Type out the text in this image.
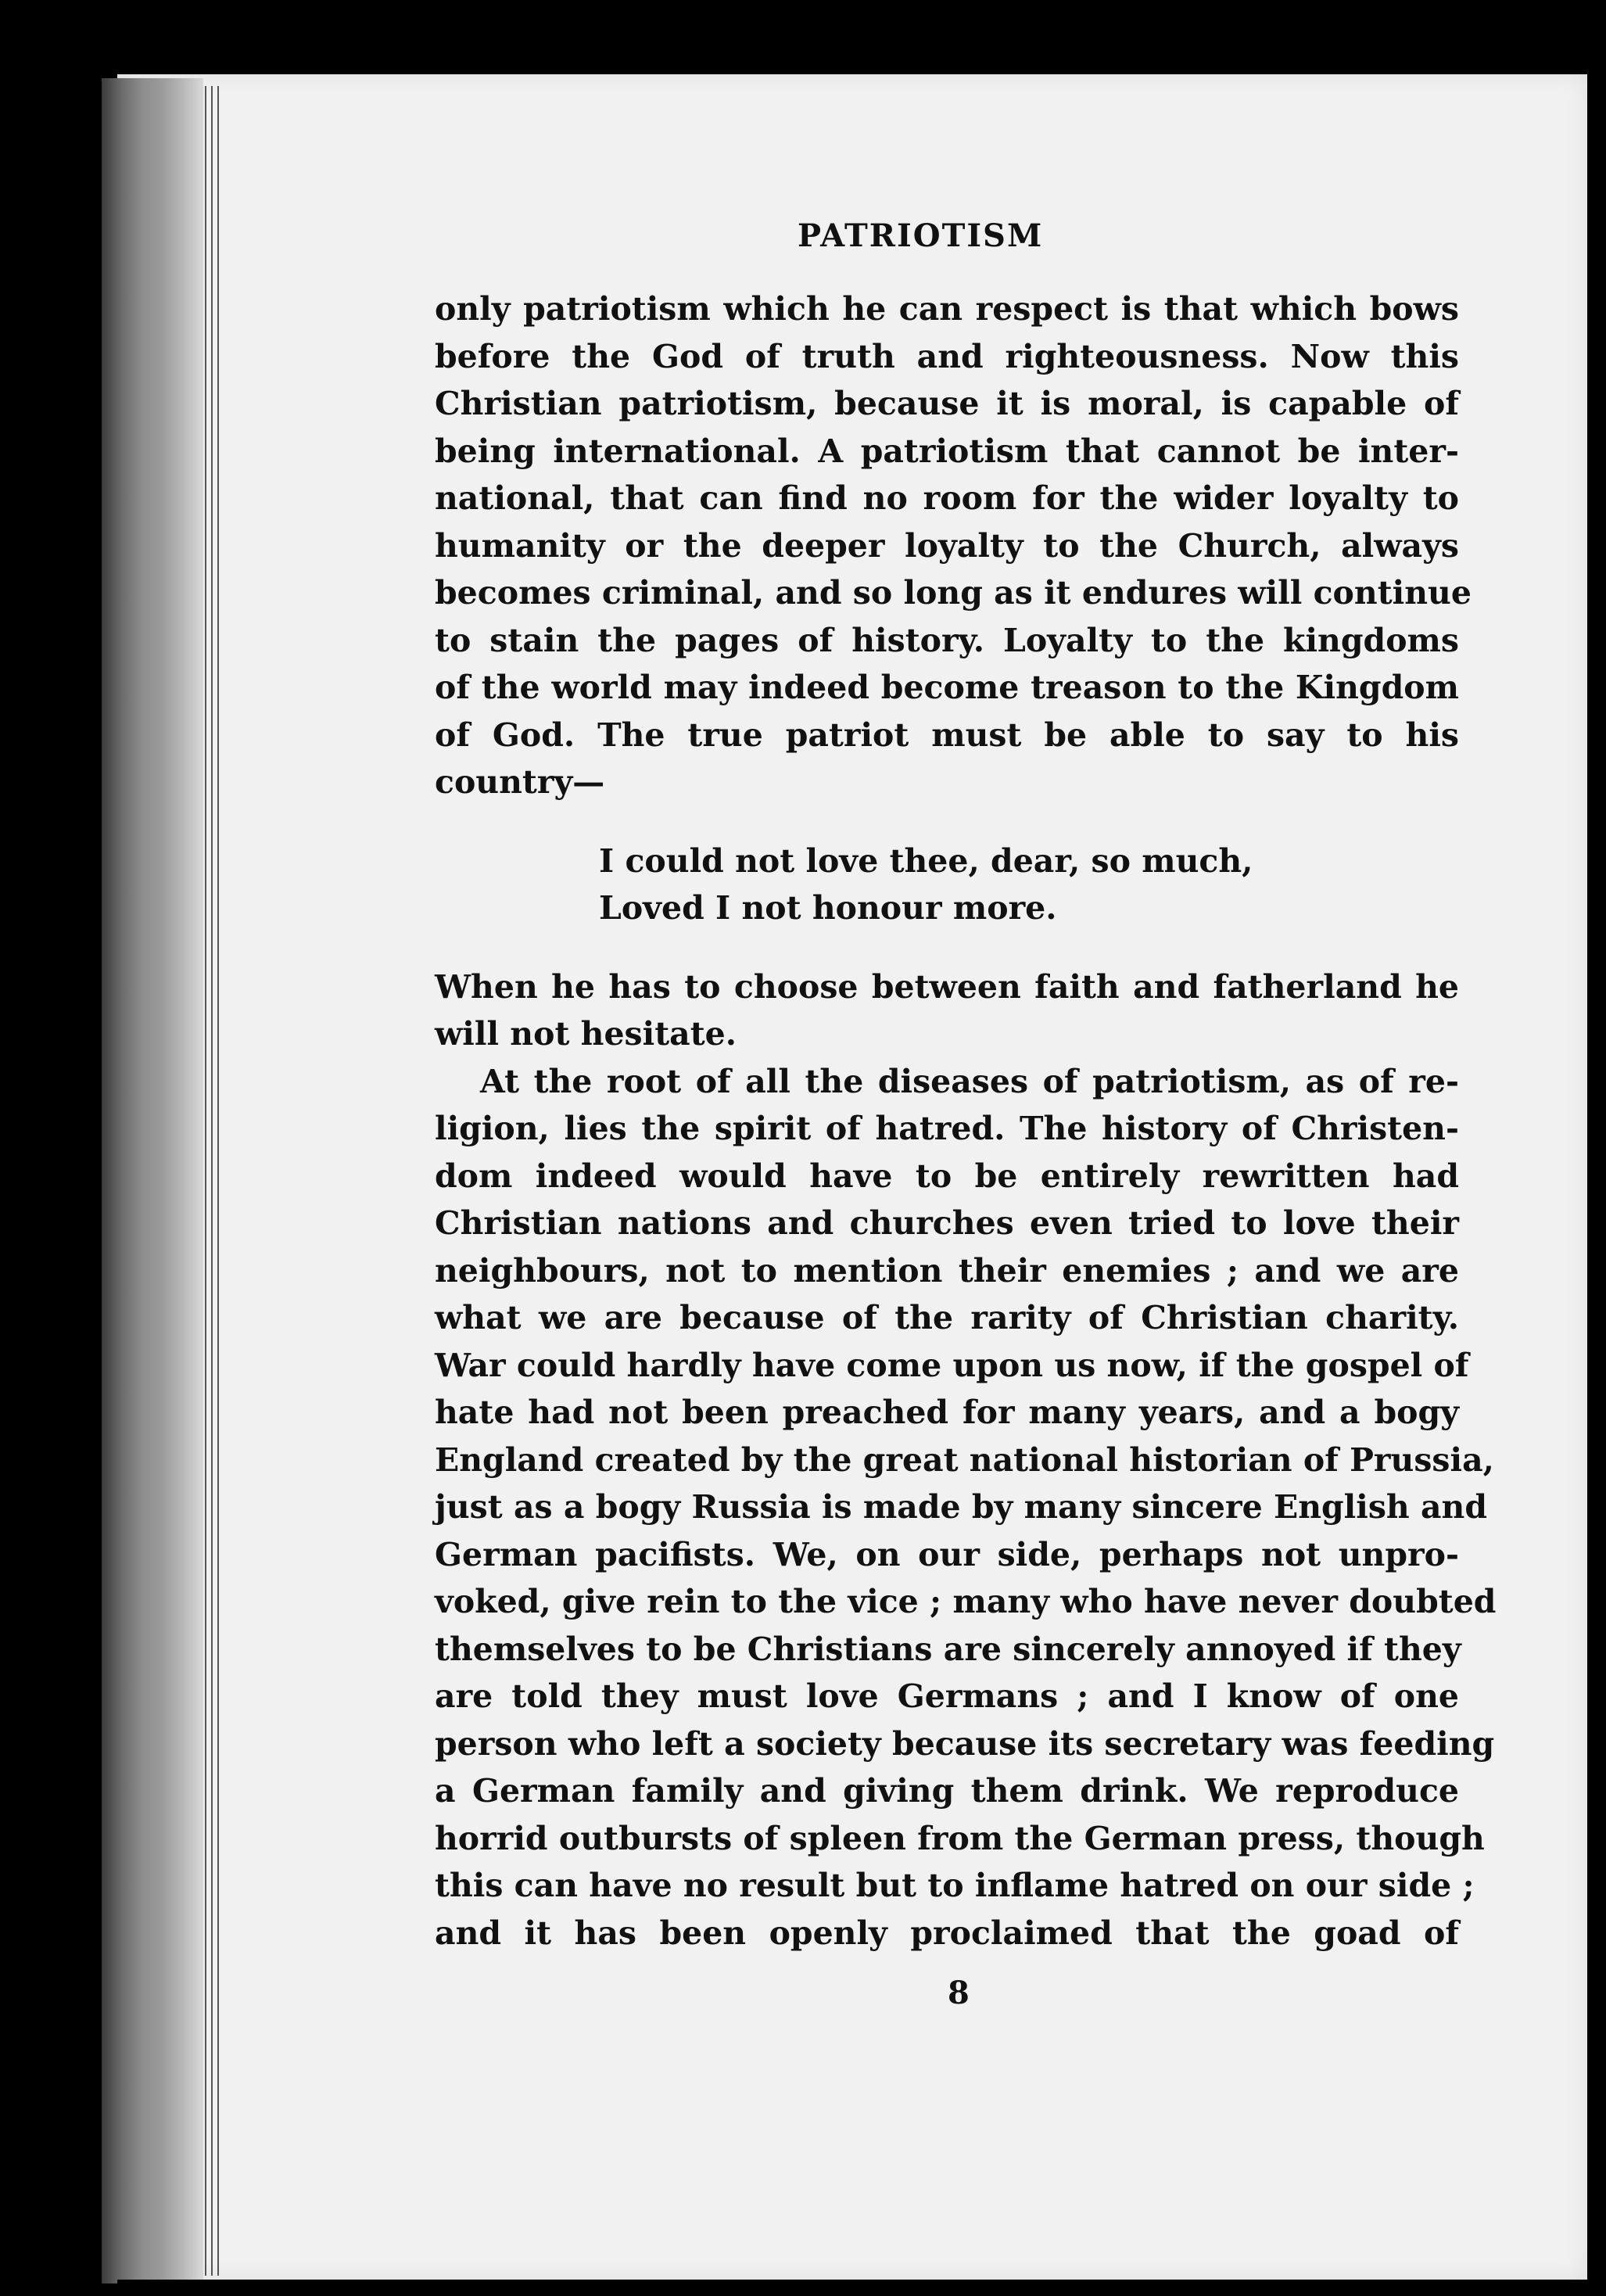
PATRIOTISM
only patriotism which he can respect is that which bows
before the God of truth and righteousness. Now this
Christian patriotism, because it is moral, is capable of
being international. A patriotism that cannot be inter-
national, that can find no room for the wider loyalty to
humanity or the deeper loyalty to the Church, always
becomes criminal, and so long as it endures will continue
to stain the pages of history. Loyalty to the kingdoms
of the world may indeed become treason to the Kingdom
of God. The true patriot must be able to say to his
country—
I could not love thee, dear, so much,
Loved I not honour more.
When he has to choose between faith and fatherland he
will not hesitate.
At the root of all the diseases of patriotism, as of re-
ligion, lies the spirit of hatred. The history of Christen-
dom indeed would have to be entirely rewritten had
Christian nations and churches even tried to love their
neighbours, not to mention their enemies ; and we are
what we are because of the rarity of Christian charity.
War could hardly have come upon us now, if the gospel of
hate had not been preached for many years, and a bogy
England created by the great national historian of Prussia,
just as a bogy Russia is made by many sincere English and
German pacifists. We, on our side, perhaps not unpro-
voked, give rein to the vice ; many who have never doubted
themselves to be Christians are sincerely annoyed if they
are told they must love Germans ; and I know of one
person who left a society because its secretary was feeding
a German family and giving them drink. We reproduce
horrid outbursts of spleen from the German press, though
this can have no result but to inflame hatred on our side ;
and it has been openly proclaimed that the goad of
8
